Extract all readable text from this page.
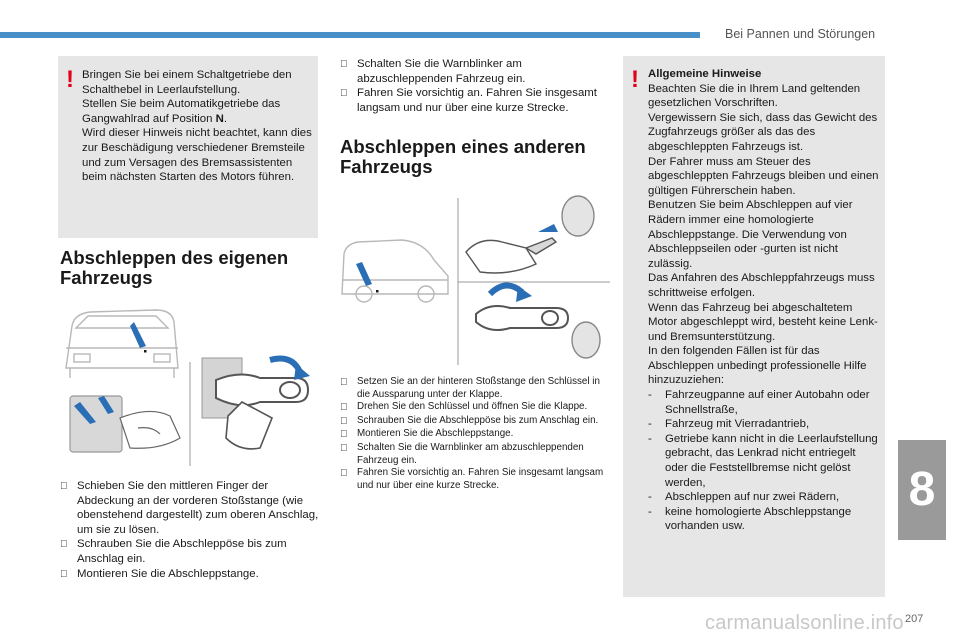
Bei Pannen und Störungen
! Bringen Sie bei einem Schaltgetriebe den Schalthebel in Leerlaufstellung.

Stellen Sie beim Automatikgetriebe das Gangwahlrad auf Position N.

Wird dieser Hinweis nicht beachtet, kann dies zur Beschädigung verschiedener Bremsteile und zum Versagen des Bremsassistenten beim nächsten Starten des Motors führen.

Abschleppen des eigenen Fahrzeugs
Schieben Sie den mittleren Finger der Abdeckung an der vorderen Stoßstange (wie obenstehend dargestellt) zum oberen Anschlag, um sie zu lösen.
Schrauben Sie die Abschleppöse bis zum Anschlag ein.
Montieren Sie die Abschleppstange.
Schalten Sie die Warnblinker am abzuschleppenden Fahrzeug ein.
Fahren Sie vorsichtig an. Fahren Sie insgesamt langsam und nur über eine kurze Strecke.
Abschleppen eines anderen Fahrzeugs
Setzen Sie an der hinteren Stoßstange den Schlüssel in die Aussparung unter der Klappe.
Drehen Sie den Schlüssel und öffnen Sie die Klappe.
Schrauben Sie die Abschleppöse bis zum Anschlag ein.
Montieren Sie die Abschleppstange.
Schalten Sie die Warnblinker am abzuschleppenden Fahrzeug ein.
Fahren Sie vorsichtig an. Fahren Sie insgesamt langsam und nur über eine kurze Strecke.
! Allgemeine Hinweise

Beachten Sie die in Ihrem Land geltenden gesetzlichen Vorschriften.

Vergewissern Sie sich, dass das Gewicht des Zugfahrzeugs größer als das des abgeschleppten Fahrzeugs ist.

Der Fahrer muss am Steuer des abgeschleppten Fahrzeugs bleiben und einen gültigen Führerschein haben.

Benutzen Sie beim Abschleppen auf vier Rädern immer eine homologierte Abschleppstange. Die Verwendung von Abschleppseilen oder -gurten ist nicht zulässig.

Das Anfahren des Abschleppfahrzeugs muss schrittweise erfolgen.

Wenn das Fahrzeug bei abgeschaltetem Motor abgeschleppt wird, besteht keine Lenk- und Bremsunterstützung.

In den folgenden Fällen ist für das Abschleppen unbedingt professionelle Hilfe hinzuzuziehen:

-	Fahrzeugpanne auf einer Autobahn oder Schnellstraße,
-	Fahrzeug mit Vierradantrieb,
-	Getriebe kann nicht in die Leerlaufstellung gebracht, das Lenkrad nicht entriegelt oder die Feststellbremse nicht gelöst werden,
-	Abschleppen auf nur zwei Rädern,
-	keine homologierte Abschleppstange vorhanden usw.
8
carmanualsonline.info 207
